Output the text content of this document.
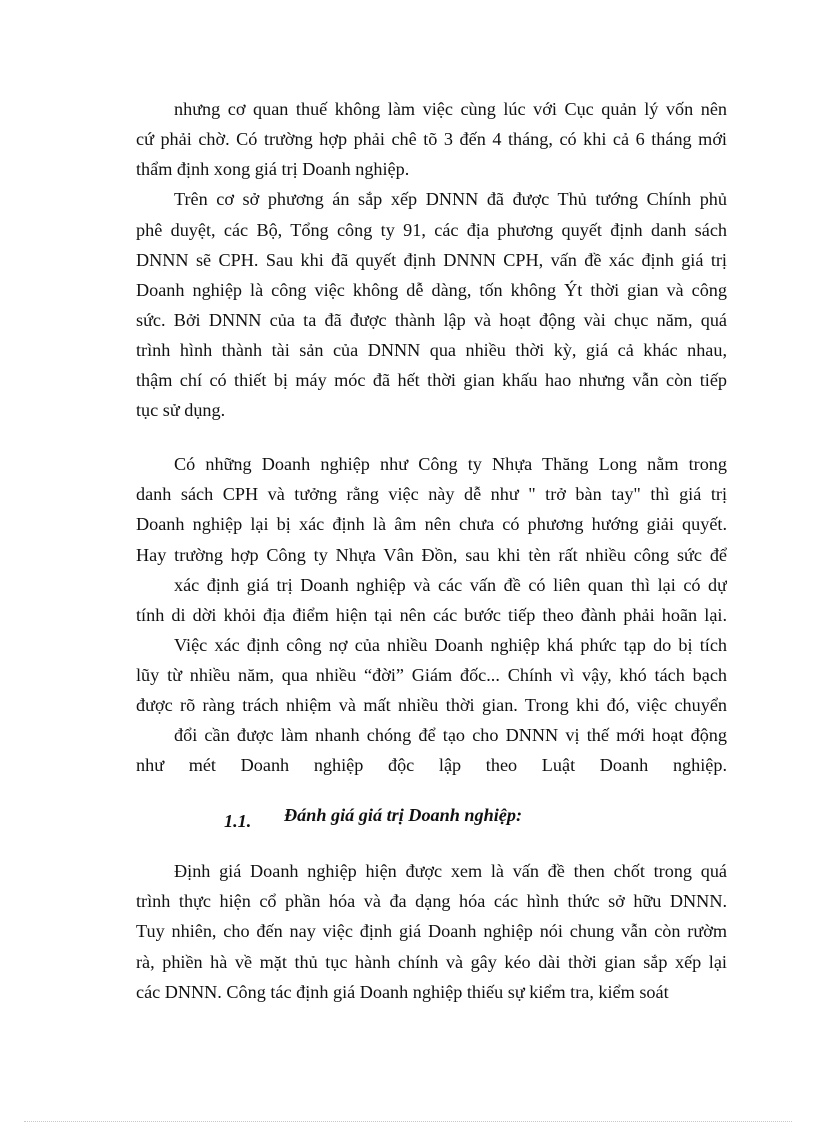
nhưng cơ quan thuế không làm việc cùng lúc với Cục quản lý vốn nên
cứ phải chờ. Có trường hợp phải chê tõ 3 đến 4 tháng, có khi cả 6 tháng mới
thẩm định xong giá trị Doanh nghiệp.
Trên cơ sở phương án sắp xếp DNNN đã được Thủ tướng Chính phủ
phê duyệt, các Bộ, Tổng công ty 91, các địa phương quyết định danh sách
DNNN sẽ CPH. Sau khi đã quyết định DNNN CPH, vấn đề xác định giá trị
Doanh nghiệp là công việc không dễ dàng, tốn không Ýt thời gian và công
sức. Bởi DNNN của ta đã được thành lập và hoạt động vài chục năm, quá
trình hình thành tài sản của DNNN qua nhiều thời kỳ, giá cả khác nhau,
thậm chí có thiết bị máy móc đã hết thời gian khấu hao nhưng vẫn còn tiếp
tục sử dụng.
Có những Doanh nghiệp như Công ty Nhựa Thăng Long nằm trong
danh sách CPH và tưởng rằng việc này dễ như " trở bàn tay" thì giá trị
Doanh nghiệp lại bị xác định là âm nên chưa có phương hướng giải quyết.
Hay trường hợp Công ty Nhựa Vân Đồn, sau khi tèn rất nhiều công sức để
xác định giá trị Doanh nghiệp và các vấn đề có liên quan thì lại có dự
tính di dời khỏi địa điểm hiện tại nên các bước tiếp theo đành phải hoãn lại.
Việc xác định công nợ của nhiều Doanh nghiệp khá phức tạp do bị tích
lũy từ nhiều năm, qua nhiều “đời” Giám đốc... Chính vì vậy, khó tách bạch
được rõ ràng trách nhiệm và mất nhiều thời gian. Trong khi đó, việc chuyển
đổi cần được làm nhanh chóng để tạo cho DNNN vị thế mới hoạt động
như mét Doanh nghiệp độc lập theo Luật Doanh nghiệp.
1.1. Đánh giá giá trị Doanh nghiệp:
Định giá Doanh nghiệp hiện được xem là vấn đề then chốt trong quá
trình thực hiện cổ phần hóa và đa dạng hóa các hình thức sở hữu DNNN.
Tuy nhiên, cho đến nay việc định giá Doanh nghiệp nói chung vẫn còn rườm
rà, phiền hà về mặt thủ tục hành chính và gây kéo dài thời gian sắp xếp lại
các DNNN. Công tác định giá Doanh nghiệp thiếu sự kiểm tra, kiểm soát
